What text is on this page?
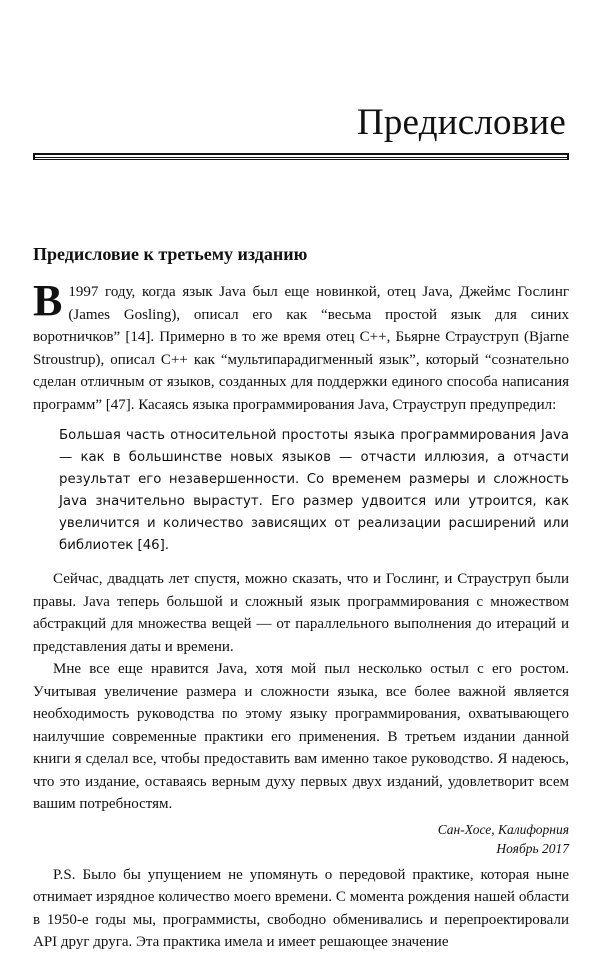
Предисловие
Предисловие к третьему изданию

В 1997 году, когда язык Java был еще новинкой, отец Java, Джеймс Гослинг (James Gosling), описал его как “весьма простой язык для синих воротничков” [14]. Примерно в то же время отец C++, Бьярне Страуструп (Bjarne Stroustrup), описал C++ как “мультипарадигменный язык”, который “сознательно сделан отличным от языков, созданных для поддержки единого способа написания программ” [47]. Касаясь языка программирования Java, Страуструп предупредил:

Большая часть относительной простоты языка программирования Java — как в большинстве новых языков — отчасти иллюзия, а отчасти результат его незавершенности. Со временем размеры и сложность Java значительно вырастут. Его размер удвоится или утроится, как увеличится и количество зависящих от реализации расширений или библиотек [46].

Сейчас, двадцать лет спустя, можно сказать, что и Гослинг, и Страуструп были правы. Java теперь большой и сложный язык программирования с множеством абстракций для множества вещей — от параллельного выполнения до итераций и представления даты и времени.

Мне все еще нравится Java, хотя мой пыл несколько остыл с его ростом. Учитывая увеличение размера и сложности языка, все более важной является необходимость руководства по этому языку программирования, охватывающего наилучшие современные практики его применения. В третьем издании данной книги я сделал все, чтобы предоставить вам именно такое руководство. Я надеюсь, что это издание, оставаясь верным духу первых двух изданий, удовлетворит всем вашим потребностям.

Сан-Хосе, Калифорния
Ноябрь 2017

P.S. Было бы упущением не упомянуть о передовой практике, которая ныне отнимает изрядное количество моего времени. С момента рождения нашей области в 1950-е годы мы, программисты, свободно обменивались и перепроектировали API друг друга. Эта практика имела и имеет решающее значение
